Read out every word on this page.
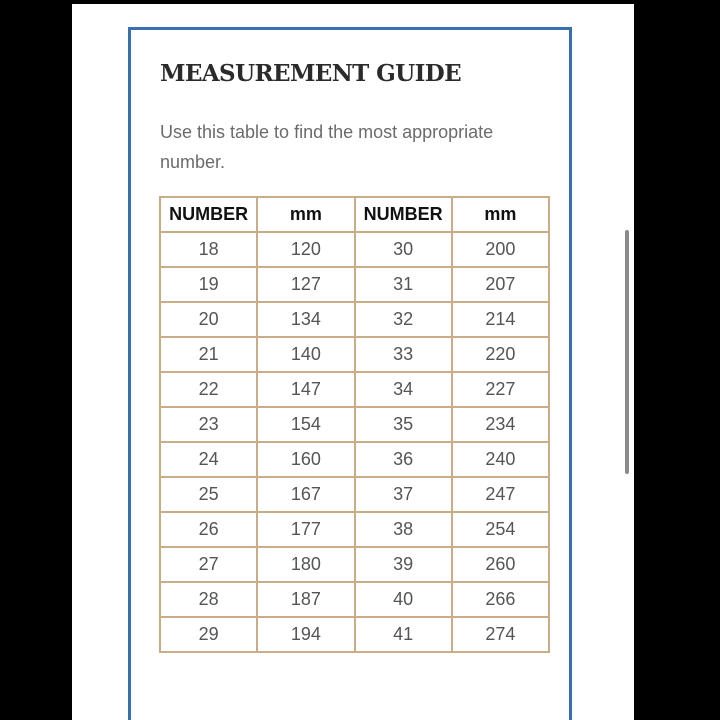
MEASUREMENT GUIDE

Use this table to find the most appropriate number.

NUMBER	mm	NUMBER	mm
18	120	30	200
19	127	31	207
20	134	32	214
21	140	33	220
22	147	34	227
23	154	35	234
24	160	36	240
25	167	37	247
26	177	38	254
27	180	39	260
28	187	40	266
29	194	41	274
